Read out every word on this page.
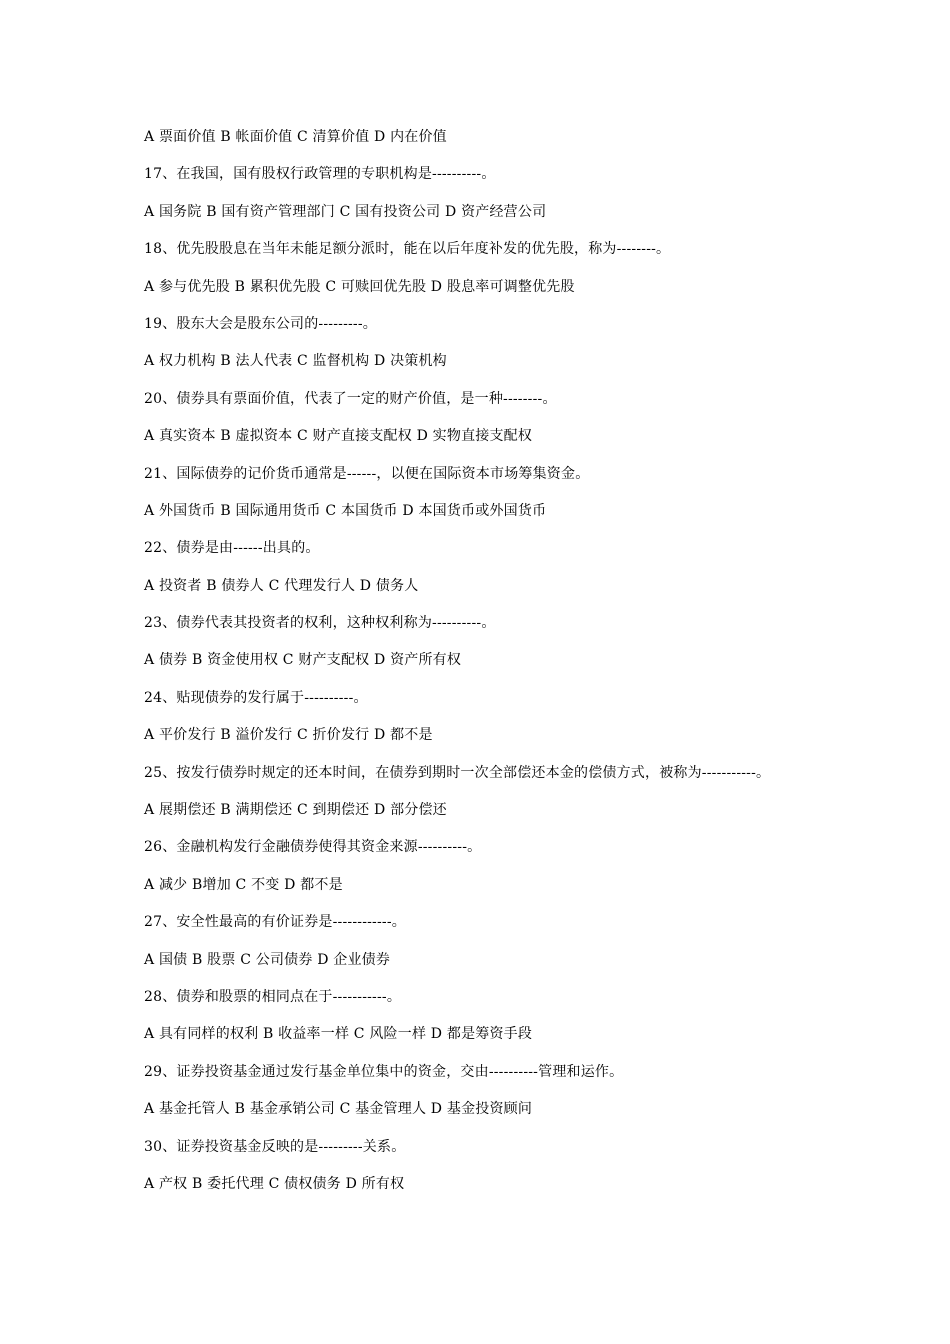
A 票面价值 B 帐面价值 C 清算价值 D 内在价值
17、在我国，国有股权行政管理的专职机构是----------。
A 国务院 B 国有资产管理部门 C 国有投资公司 D 资产经营公司
18、优先股股息在当年未能足额分派时，能在以后年度补发的优先股，称为--------。
A 参与优先股 B 累积优先股 C 可赎回优先股 D 股息率可调整优先股
19、股东大会是股东公司的---------。
A 权力机构 B 法人代表 C 监督机构 D 决策机构
20、债券具有票面价值，代表了一定的财产价值，是一种--------。
A 真实资本 B 虚拟资本 C 财产直接支配权 D 实物直接支配权
21、国际债券的记价货币通常是------，以便在国际资本市场筹集资金。
A 外国货币 B 国际通用货币 C 本国货币 D 本国货币或外国货币
22、债券是由------出具的。
A 投资者 B 债券人 C 代理发行人 D 债务人
23、债券代表其投资者的权利，这种权利称为----------。
A 债券 B 资金使用权 C 财产支配权 D 资产所有权
24、贴现债券的发行属于----------。
A 平价发行 B 溢价发行 C 折价发行 D 都不是
25、按发行债券时规定的还本时间，在债券到期时一次全部偿还本金的偿债方式，被称为-----------。
A 展期偿还 B 满期偿还 C 到期偿还 D 部分偿还
26、金融机构发行金融债券使得其资金来源----------。
A 减少 B增加 C 不变 D 都不是
27、安全性最高的有价证券是------------。
A 国债 B 股票 C 公司债券 D 企业债券
28、债券和股票的相同点在于-----------。
A 具有同样的权利 B 收益率一样 C 风险一样 D 都是筹资手段
29、证券投资基金通过发行基金单位集中的资金，交由----------管理和运作。
A 基金托管人 B 基金承销公司 C 基金管理人 D 基金投资顾问
30、证券投资基金反映的是---------关系。
A 产权 B 委托代理 C 债权债务 D 所有权
